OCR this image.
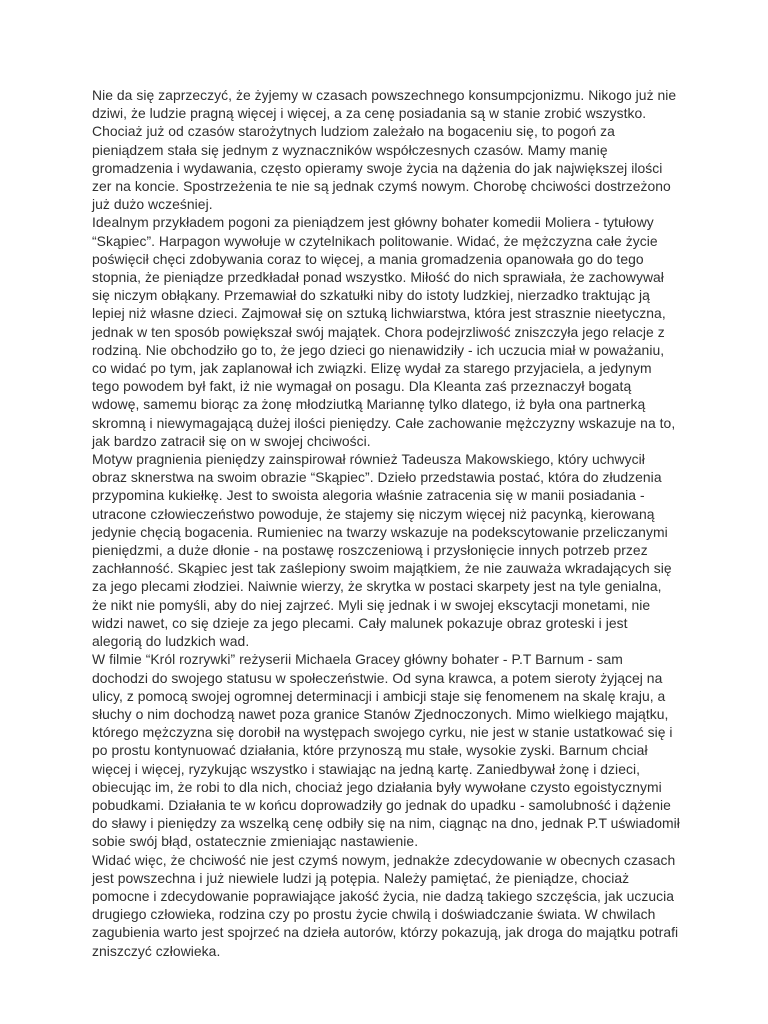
Nie da się zaprzeczyć, że żyjemy w czasach powszechnego konsumpcjonizmu. Nikogo już nie dziwi, że ludzie pragną więcej i więcej, a za cenę posiadania są w stanie zrobić wszystko. Chociaż już od czasów starożytnych ludziom zależało na bogaceniu się, to pogoń za pieniądzem stała się jednym z wyznaczników współczesnych czasów. Mamy manię gromadzenia i wydawania, często opieramy swoje życia na dążenia do jak największej ilości zer na koncie. Spostrzeżenia te nie są jednak czymś nowym. Chorobę chciwości dostrzeżono już dużo wcześniej.

Idealnym przykładem pogoni za pieniądzem jest główny bohater komedii Moliera - tytułowy “Skąpiec”. Harpagon wywołuje w czytelnikach politowanie. Widać, że mężczyzna całe życie poświęcił chęci zdobywania coraz to więcej, a mania gromadzenia opanowała go do tego stopnia, że pieniądze przedkładał ponad wszystko. Miłość do nich sprawiała, że zachowywał się niczym obłąkany. Przemawiał do szkatułki niby do istoty ludzkiej, nierzadko traktując ją lepiej niż własne dzieci. Zajmował się on sztuką lichwiarstwa, która jest strasznie nieetyczna, jednak w ten sposób powiększał swój majątek. Chora podejrzliwość zniszczyła jego relacje z rodziną. Nie obchodziło go to, że jego dzieci go nienawidziły - ich uczucia miał w poważaniu, co widać po tym, jak zaplanował ich związki. Elizę wydał za starego przyjaciela, a jedynym tego powodem był fakt, iż nie wymagał on posagu. Dla Kleanta zaś przeznaczył bogatą wdowę, samemu biorąc za żonę młodziutką Mariannę tylko dlatego, iż była ona partnerką skromną i niewymagającą dużej ilości pieniędzy. Całe zachowanie mężczyzny wskazuje na to, jak bardzo zatracił się on w swojej chciwości.

Motyw pragnienia pieniędzy zainspirował również Tadeusza Makowskiego, który uchwycił obraz sknerstwa na swoim obrazie “Skąpiec”. Dzieło przedstawia postać, która do złudzenia przypomina kukiełkę. Jest to swoista alegoria właśnie zatracenia się w manii posiadania - utracone człowieczeństwo powoduje, że stajemy się niczym więcej niż pacynką, kierowaną jedynie chęcią bogacenia. Rumieniec na twarzy wskazuje na podekscytowanie przeliczanymi pieniędzmi, a duże dłonie - na postawę roszczeniową i przysłonięcie innych potrzeb przez zachłanność. Skąpiec jest tak zaślepiony swoim majątkiem, że nie zauważa wkradających się za jego plecami złodziei. Naiwnie wierzy, że skrytka w postaci skarpety jest na tyle genialna, że nikt nie pomyśli, aby do niej zajrzeć. Myli się jednak i w swojej ekscytacji monetami, nie widzi nawet, co się dzieje za jego plecami. Cały malunek pokazuje obraz groteski i jest alegorią do ludzkich wad.

W filmie “Król rozrywki” reżyserii Michaela Gracey główny bohater - P.T Barnum - sam dochodzi do swojego statusu w społeczeństwie. Od syna krawca, a potem sieroty żyjącej na ulicy, z pomocą swojej ogromnej determinacji i ambicji staje się fenomenem na skalę kraju, a słuchy o nim dochodzą nawet poza granice Stanów Zjednoczonych. Mimo wielkiego majątku, którego mężczyzna się dorobił na występach swojego cyrku, nie jest w stanie ustatkować się i po prostu kontynuować działania, które przynoszą mu stałe, wysokie zyski. Barnum chciał więcej i więcej, ryzykując wszystko i stawiając na jedną kartę. Zaniedbywał żonę i dzieci, obiecując im, że robi to dla nich, chociaż jego działania były wywołane czysto egoistycznymi pobudkami. Działania te w końcu doprowadziły go jednak do upadku - samolubność i dążenie do sławy i pieniędzy za wszelką cenę odbiły się na nim, ciągnąc na dno, jednak P.T uświadomił sobie swój błąd, ostatecznie zmieniając nastawienie.

Widać więc, że chciwość nie jest czymś nowym, jednakże zdecydowanie w obecnych czasach jest powszechna i już niewiele ludzi ją potępia. Należy pamiętać, że pieniądze, chociaż pomocne i zdecydowanie poprawiające jakość życia, nie dadzą takiego szczęścia, jak uczucia drugiego człowieka, rodzina czy po prostu życie chwilą i doświadczanie świata. W chwilach zagubienia warto jest spojrzeć na dzieła autorów, którzy pokazują, jak droga do majątku potrafi zniszczyć człowieka.
